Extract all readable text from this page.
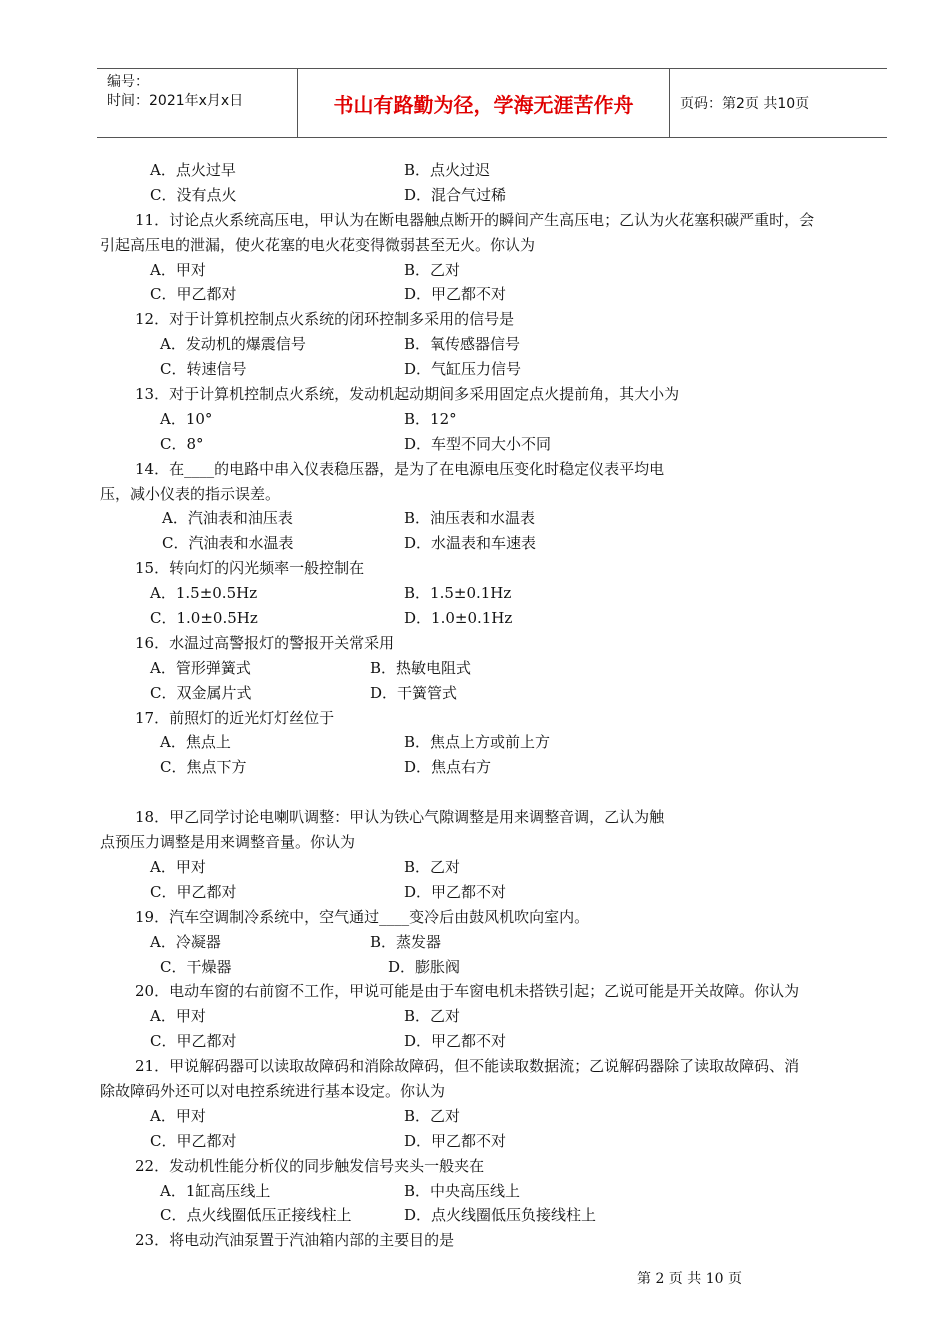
编号：
时间：2021年x月x日	书山有路勤为径，学海无涯苦作舟	页码：第2页 共10页
A．点火过早	B．点火过迟
C．没有点火	D．混合气过稀
11．讨论点火系统高压电，甲认为在断电器触点断开的瞬间产生高压电；乙认为火花塞积碳严重时，会
引起高压电的泄漏，使火花塞的电火花变得微弱甚至无火。你认为
A．甲对	B．乙对
C．甲乙都对	D．甲乙都不对
12．对于计算机控制点火系统的闭环控制多采用的信号是
A．发动机的爆震信号	B．氧传感器信号
C．转速信号	D．气缸压力信号
13．对于计算机控制点火系统，发动机起动期间多采用固定点火提前角，其大小为
A．10°	B．12°
C．8°	D．车型不同大小不同
14．在____的电路中串入仪表稳压器，是为了在电源电压变化时稳定仪表平均电
压，减小仪表的指示误差。
A．汽油表和油压表	B．油压表和水温表
C．汽油表和水温表	D．水温表和车速表
15．转向灯的闪光频率一般控制在
A．1.5±0.5Hz	B．1.5±0.1Hz
C．1.0±0.5Hz	D．1.0±0.1Hz
16．水温过高警报灯的警报开关常采用
A．管形弹簧式	B．热敏电阻式
C．双金属片式	D．干簧管式
17．前照灯的近光灯灯丝位于
A．焦点上	B．焦点上方或前上方
C．焦点下方	D．焦点右方
18．甲乙同学讨论电喇叭调整：甲认为铁心气隙调整是用来调整音调，乙认为触
点预压力调整是用来调整音量。你认为
A．甲对	B．乙对
C．甲乙都对	D．甲乙都不对
19．汽车空调制冷系统中，空气通过____变冷后由鼓风机吹向室内。
A．冷凝器	B．蒸发器
C．干燥器	D．膨胀阀
20．电动车窗的右前窗不工作，甲说可能是由于车窗电机未搭铁引起；乙说可能是开关故障。你认为
A．甲对	B．乙对
C．甲乙都对	D．甲乙都不对
21．甲说解码器可以读取故障码和消除故障码，但不能读取数据流；乙说解码器除了读取故障码、消
除故障码外还可以对电控系统进行基本设定。你认为
A．甲对	B．乙对
C．甲乙都对	D．甲乙都不对
22．发动机性能分析仪的同步触发信号夹头一般夹在
A．1缸高压线上	B．中央高压线上
C．点火线圈低压正接线柱上	D．点火线圈低压负接线柱上
23．将电动汽油泵置于汽油箱内部的主要目的是
第 2 页 共 10 页
